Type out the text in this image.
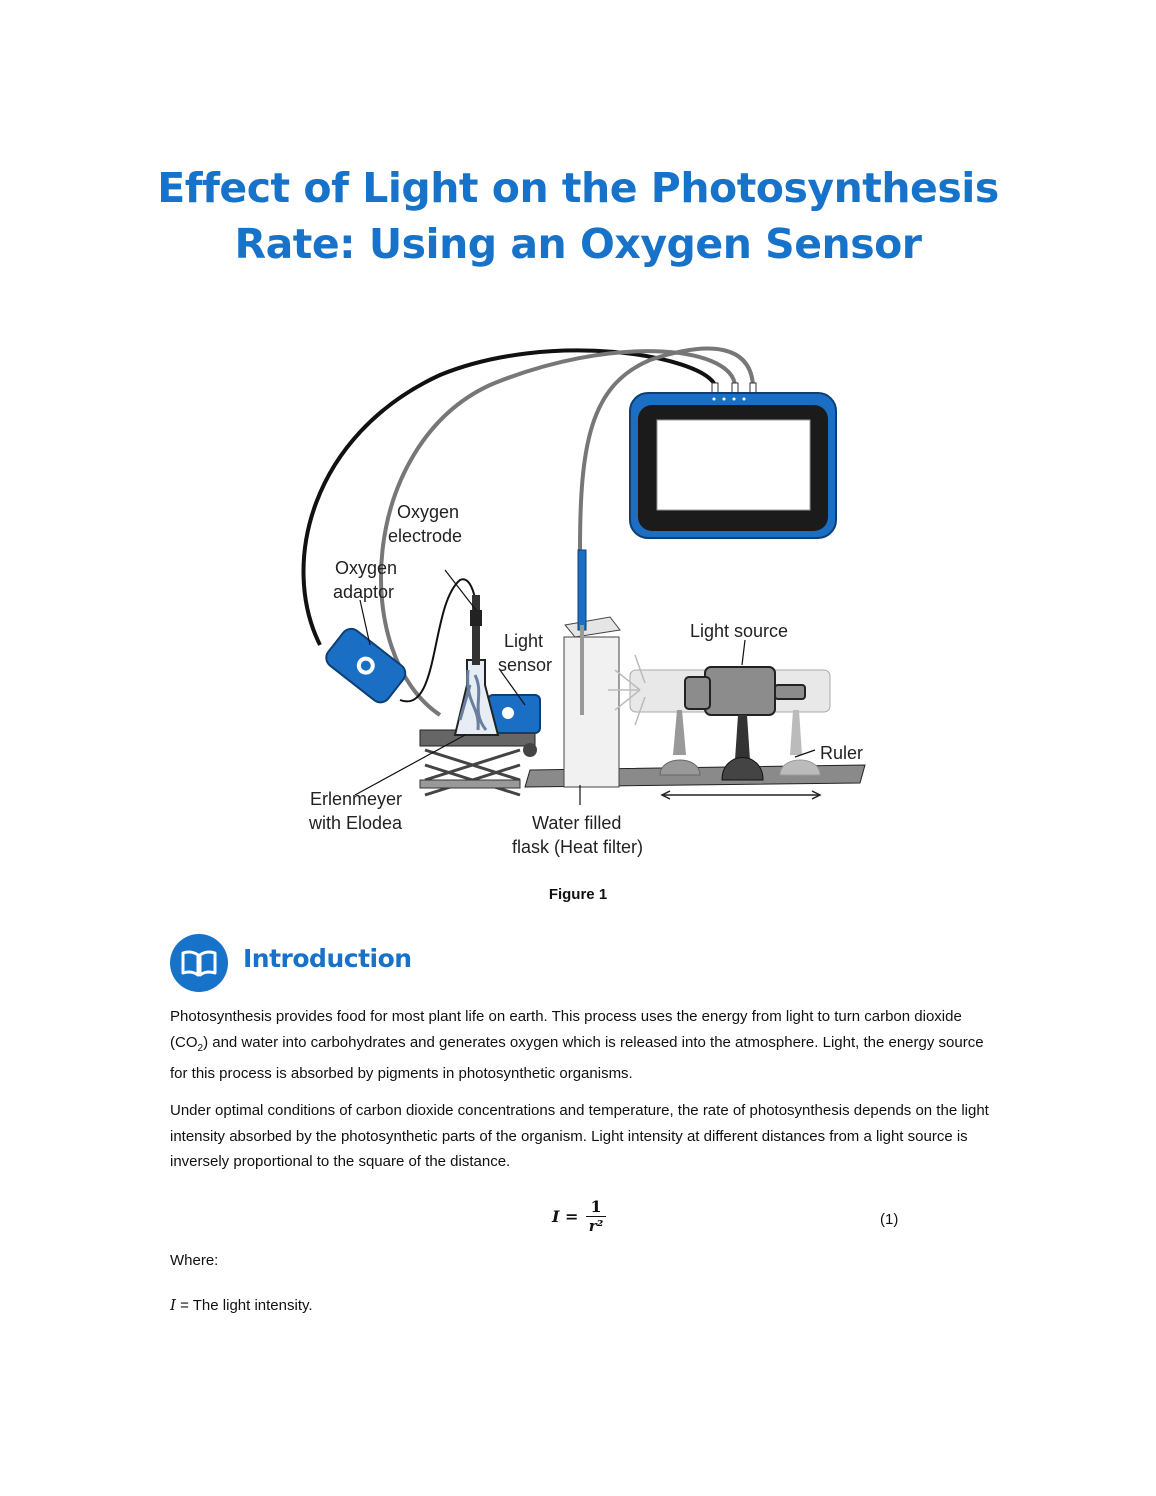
Effect of Light on the Photosynthesis
Rate: Using an Oxygen Sensor
Oxygen
electrode
Oxygen
adaptor
Light
sensor
Light source
Ruler
Erlenmeyer
with Elodea	Water filled
flask (Heat filter)
Figure 1
Introduction
Photosynthesis provides food for most plant life on earth. This process uses the energy from light to turn carbon dioxide $(CO_2)$ and water into carbohydrates and generates oxygen which is released into the atmosphere. Light, the energy source for this process is absorbed by pigments in photosynthetic organisms.
Under optimal conditions of carbon dioxide concentrations and temperature, the rate of photosynthesis depends on the light intensity absorbed by the photosynthetic parts of the organism. Light intensity at different distances from a light source is inversely proportional to the square of the distance.
$I = \frac{1}{\text{r²}}$	(1)
Where:
I = The light intensity.
